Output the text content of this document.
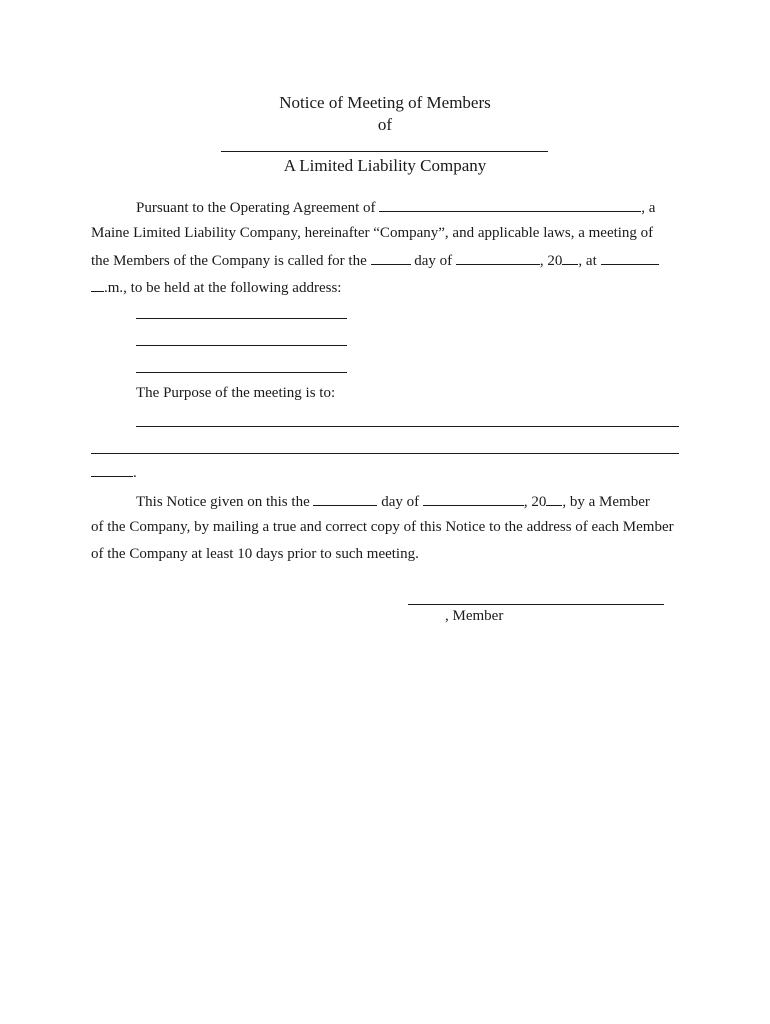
Notice of Meeting of Members
of
A Limited Liability Company
Pursuant to the Operating Agreement of	, a
Maine Limited Liability Company, hereinafter “Company”, and applicable laws, a meeting of
the Members of the Company is called for the	day of	, 20 , at
.m., to be held at the following address:
The Purpose of the meeting is to:
.
This Notice given on this the	day of	, 20 , by a Member
of the Company, by mailing a true and correct copy of this Notice to the address of each Member
of the Company at least 10 days prior to such meeting.
, Member
